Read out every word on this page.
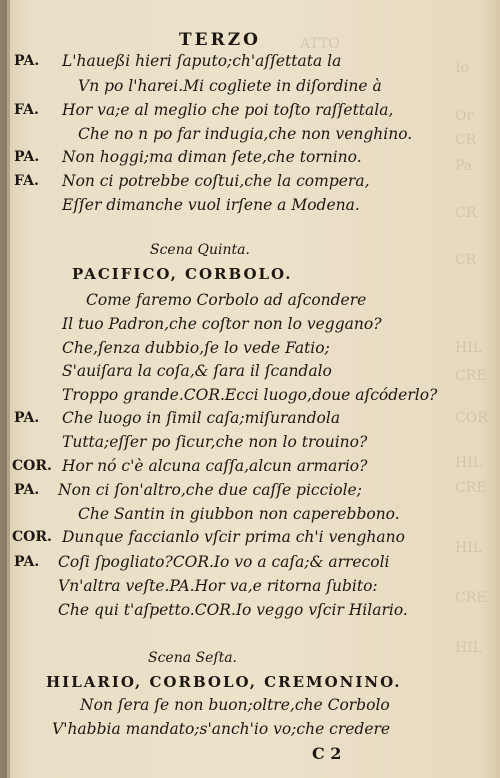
ATTO
Io
Or
CR
Pa
CR
CR
HIL
CRE
COR
HIL
CRE
HIL
CRE
HIL
TERZO
PA.
FA.
PA.
FA.
PA.
COR.
PA.
COR.
PA.
L'haueßi hieri ſaputo;ch'aſſettata la
Vn po l'harei.Mi cogliete in diſordine à
Hor va;e al meglio che poi toſto raſſettala,
Che no n po far indugia,che non venghino.
Non hoggi;ma diman ſete,che tornino.
Non ci potrebbe coſtui,che la compera,
Eſſer dimanche vuol irſene a Modena.
Scena Quinta.
PACIFICO, CORBOLO.
Come faremo Corbolo ad aſcondere
Il tuo Padron,che coſtor non lo veggano?
Che,ſenza dubbio,ſe lo vede Fatio;
S'auiſara la coſa,& ſara il ſcandalo
Troppo grande.COR.Ecci luogo,doue aſcóderlo?
Che luogo in ſimil caſa;miſurandola
Tutta;eſſer po ſicur,che non lo trouino?
Hor nó c'è alcuna caſſa,alcun armario?
Non ci ſon'altro,che due caſſe picciole;
Che Santin in giubbon non caperebbono.
Dunque faccianlo vſcir prima ch'i venghano
Coſi ſpogliato?COR.Io vo a caſa;& arrecoli
Vn'altra veſte.PA.Hor va,e ritorna ſubito:
Che qui t'aſpetto.COR.Io veggo vſcir Hilario.
Scena Seſta.
HILARIO, CORBOLO, CREMONINO.
Non ſera ſe non buon;oltre,che Corbolo
V'habbia mandato;s'anch'io vo;che credere
C 2
